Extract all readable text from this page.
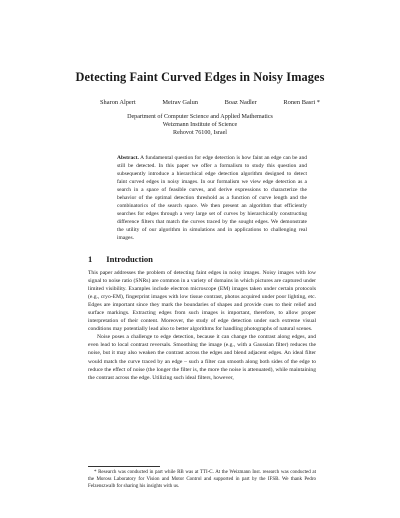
Detecting Faint Curved Edges in Noisy Images
Sharon Alpert	Meirav Galun	Boaz Nadler	Ronen Basri *
Department of Computer Science and Applied Mathematics
Weizmann Institute of Science
Rehovot 76100, Israel
Abstract. A fundamental question for edge detection is how faint an edge can be and still be detected. In this paper we offer a formalism to study this question and subsequently introduce a hierarchical edge detection algorithm designed to detect faint curved edges in noisy images. In our formalism we view edge detection as a search in a space of feasible curves, and derive expressions to characterize the behavior of the optimal detection threshold as a function of curve length and the combinatorics of the search space. We then present an algorithm that efficiently searches for edges through a very large set of curves by hierarchically constructing difference filters that match the curves traced by the sought edges. We demonstrate the utility of our algorithm in simulations and in applications to challenging real images.
1 Introduction

This paper addresses the problem of detecting faint edges in noisy images. Noisy images with low signal to noise ratio (SNRs) are common in a variety of domains in which pictures are captured under limited visibility. Examples include electron microscope (EM) images taken under certain protocols (e.g., cryo-EM), fingerprint images with low tissue contrast, photos acquired under poor lighting, etc. Edges are important since they mark the boundaries of shapes and provide cues to their relief and surface markings. Extracting edges from such images is important, therefore, to allow proper interpretation of their content. Moreover, the study of edge detection under such extreme visual conditions may potentially lead also to better algorithms for handling photographs of natural scenes.

Noise poses a challenge to edge detection, because it can change the contrast along edges, and even lead to local contrast reversals. Smoothing the image (e.g., with a Gaussian filter) reduces the noise, but it may also weaken the contrast across the edges and blend adjacent edges. An ideal filter would match the curve traced by an edge – such a filter can smooth along both sides of the edge to reduce the effect of noise (the longer the filter is, the more the noise is attenuated), while maintaining the contrast across the edge. Utilizing such ideal filters, however,

* Research was conducted in part while RB was at TTI-C. At the Weizmann Inst. research was conducted at the Moross Laboratory for Vision and Motor Control and supported in part by the IFSB. We thank Pedro Felzenszwalb for sharing his insights with us.
